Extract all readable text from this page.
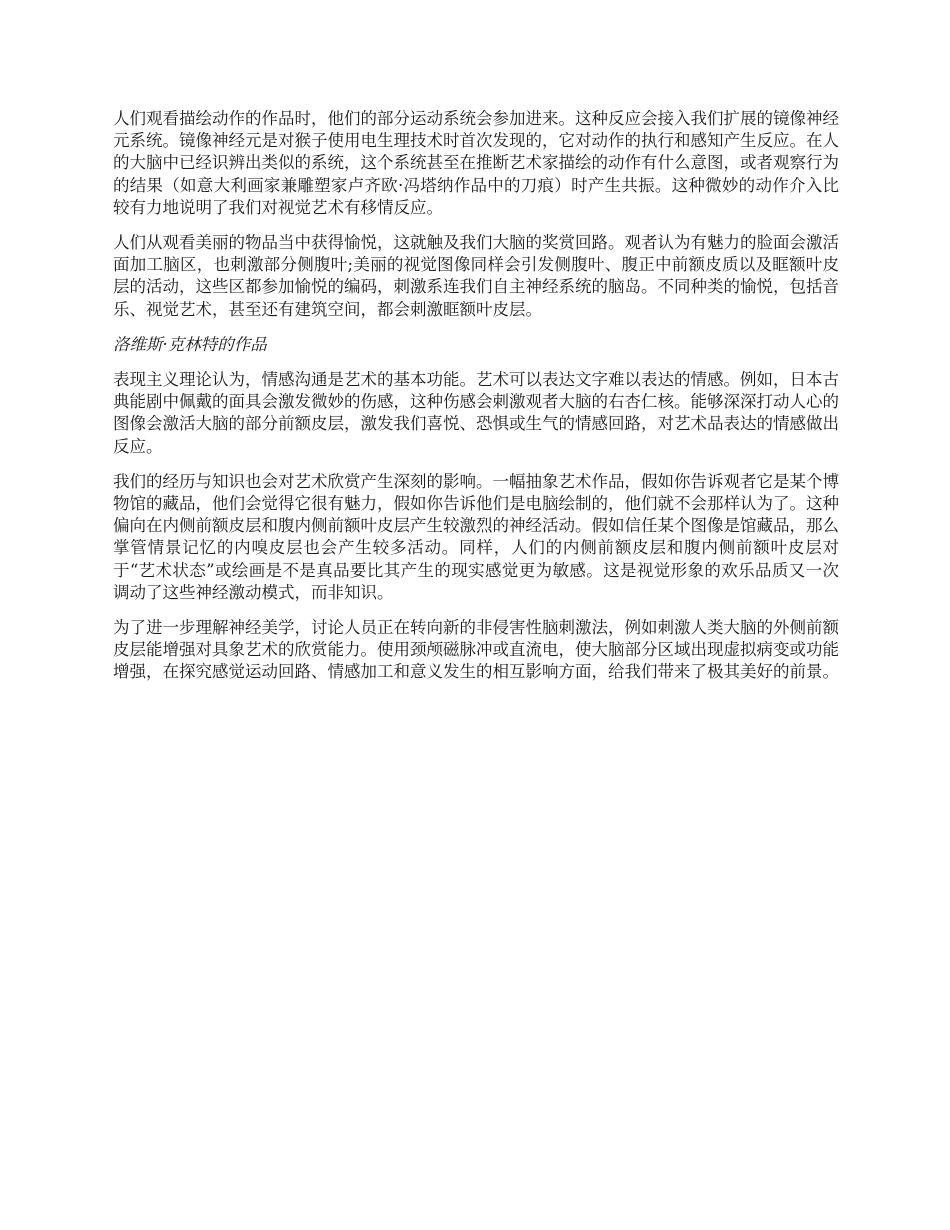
人们观看描绘动作的作品时，他们的部分运动系统会参加进来。这种反应会接入我们扩展的镜像神经元系统。镜像神经元是对猴子使用电生理技术时首次发现的，它对动作的执行和感知产生反应。在人的大脑中已经识辨出类似的系统，这个系统甚至在推断艺术家描绘的动作有什么意图，或者观察行为的结果（如意大利画家兼雕塑家卢齐欧·冯塔纳作品中的刀痕）时产生共振。这种微妙的动作介入比较有力地说明了我们对视觉艺术有移情反应。

人们从观看美丽的物品当中获得愉悦，这就触及我们大脑的奖赏回路。观者认为有魅力的脸面会激活面加工脑区，也刺激部分侧腹叶;美丽的视觉图像同样会引发侧腹叶、腹正中前额皮质以及眶额叶皮层的活动，这些区都参加愉悦的编码，刺激系连我们自主神经系统的脑岛。不同种类的愉悦，包括音乐、视觉艺术，甚至还有建筑空间，都会刺激眶额叶皮层。

洛维斯·克林特的作品

表现主义理论认为，情感沟通是艺术的基本功能。艺术可以表达文字难以表达的情感。例如，日本古典能剧中佩戴的面具会激发微妙的伤感，这种伤感会刺激观者大脑的右杏仁核。能够深深打动人心的图像会激活大脑的部分前额皮层，激发我们喜悦、恐惧或生气的情感回路，对艺术品表达的情感做出反应。

我们的经历与知识也会对艺术欣赏产生深刻的影响。一幅抽象艺术作品，假如你告诉观者它是某个博物馆的藏品，他们会觉得它很有魅力，假如你告诉他们是电脑绘制的，他们就不会那样认为了。这种偏向在内侧前额皮层和腹内侧前额叶皮层产生较激烈的神经活动。假如信任某个图像是馆藏品，那么掌管情景记忆的内嗅皮层也会产生较多活动。同样，人们的内侧前额皮层和腹内侧前额叶皮层对于“艺术状态”或绘画是不是真品要比其产生的现实感觉更为敏感。这是视觉形象的欢乐品质又一次调动了这些神经激动模式，而非知识。

为了进一步理解神经美学，讨论人员正在转向新的非侵害性脑刺激法，例如刺激人类大脑的外侧前额皮层能增强对具象艺术的欣赏能力。使用颈颅磁脉冲或直流电，使大脑部分区域出现虚拟病变或功能增强，在探究感觉运动回路、情感加工和意义发生的相互影响方面，给我们带来了极其美好的前景。
